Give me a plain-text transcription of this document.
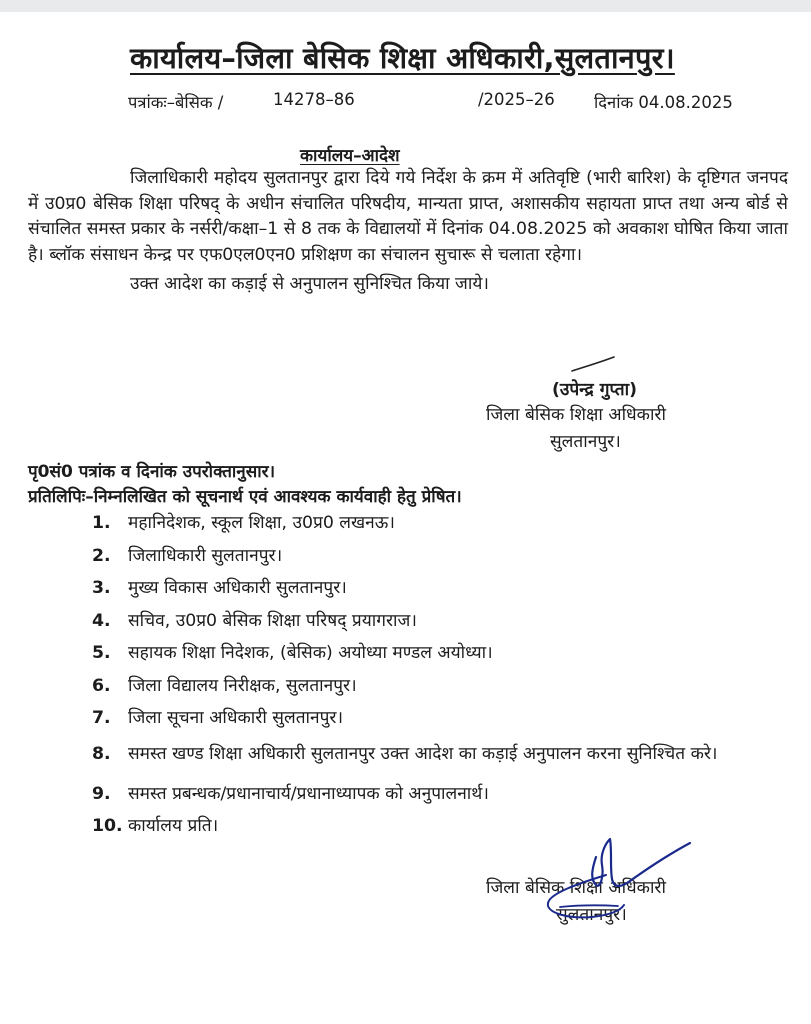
कार्यालय–जिला बेसिक शिक्षा अधिकारी,सुलतानपुर।
पत्रांकः–बेसिक /	14278–86	/2025–26 दिनांक 04.08.2025
कार्यालय–आदेश

जिलाधिकारी महोदय सुलतानपुर द्वारा दिये गये निर्देश के क्रम में अतिवृष्टि (भारी बारिश) के दृष्टिगत जनपद में उ0प्र0 बेसिक शिक्षा परिषद् के अधीन संचालित परिषदीय, मान्यता प्राप्त, अशासकीय सहायता प्राप्त तथा अन्य बोर्ड से संचालित समस्त प्रकार के नर्सरी/कक्षा–1 से 8 तक के विद्यालयों में दिनांक 04.08.2025 को अवकाश घोषित किया जाता है। ब्लॉक संसाधन केन्द्र पर एफ0एल0एन0 प्रशिक्षण का संचालन सुचारू से चलाता रहेगा।

उक्त आदेश का कड़ाई से अनुपालन सुनिश्चित किया जाये।

(उपेन्द्र गुप्ता)
जिला बेसिक शिक्षा अधिकारी
सुलतानपुर।
पृ0सं0 पत्रांक व दिनांक उपरोक्तानुसार।
प्रतिलिपिः–निम्नलिखित को सूचनार्थ एवं आवश्यक कार्यवाही हेतु प्रेषित।
1. महानिदेशक, स्कूल शिक्षा, उ0प्र0 लखनऊ।
2. जिलाधिकारी सुलतानपुर।
3. मुख्य विकास अधिकारी सुलतानपुर।
4. सचिव, उ0प्र0 बेसिक शिक्षा परिषद् प्रयागराज।
5. सहायक शिक्षा निदेशक, (बेसिक) अयोध्या मण्डल अयोध्या।
6. जिला विद्यालय निरीक्षक, सुलतानपुर।
7. जिला सूचना अधिकारी सुलतानपुर।
8. समस्त खण्ड शिक्षा अधिकारी सुलतानपुर उक्त आदेश का कड़ाई अनुपालन करना सुनिश्चित करे।
9. समस्त प्रबन्धक/प्रधानाचार्य/प्रधानाध्यापक को अनुपालनार्थ।
10. कार्यालय प्रति।
जिला बेसिक शिक्षा अधिकारी
सुलतानपुर।
